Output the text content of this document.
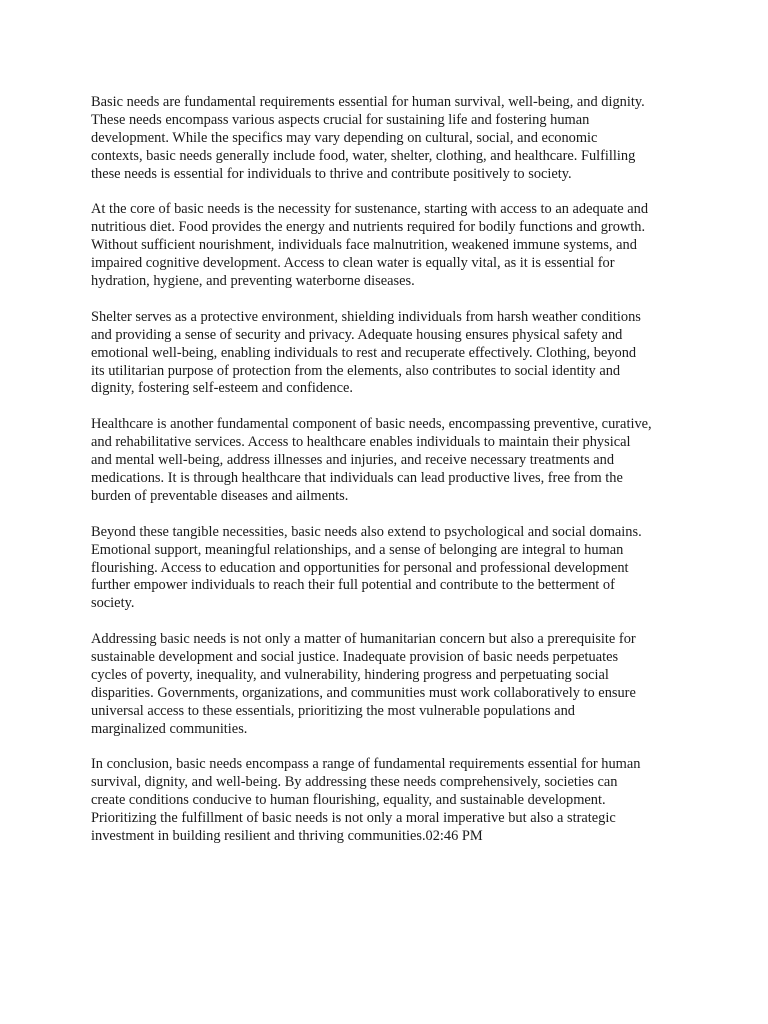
Basic needs are fundamental requirements essential for human survival, well-being, and dignity.
These needs encompass various aspects crucial for sustaining life and fostering human
development. While the specifics may vary depending on cultural, social, and economic
contexts, basic needs generally include food, water, shelter, clothing, and healthcare. Fulfilling
these needs is essential for individuals to thrive and contribute positively to society.

At the core of basic needs is the necessity for sustenance, starting with access to an adequate and
nutritious diet. Food provides the energy and nutrients required for bodily functions and growth.
Without sufficient nourishment, individuals face malnutrition, weakened immune systems, and
impaired cognitive development. Access to clean water is equally vital, as it is essential for
hydration, hygiene, and preventing waterborne diseases.

Shelter serves as a protective environment, shielding individuals from harsh weather conditions
and providing a sense of security and privacy. Adequate housing ensures physical safety and
emotional well-being, enabling individuals to rest and recuperate effectively. Clothing, beyond
its utilitarian purpose of protection from the elements, also contributes to social identity and
dignity, fostering self-esteem and confidence.

Healthcare is another fundamental component of basic needs, encompassing preventive, curative,
and rehabilitative services. Access to healthcare enables individuals to maintain their physical
and mental well-being, address illnesses and injuries, and receive necessary treatments and
medications. It is through healthcare that individuals can lead productive lives, free from the
burden of preventable diseases and ailments.

Beyond these tangible necessities, basic needs also extend to psychological and social domains.
Emotional support, meaningful relationships, and a sense of belonging are integral to human
flourishing. Access to education and opportunities for personal and professional development
further empower individuals to reach their full potential and contribute to the betterment of
society.

Addressing basic needs is not only a matter of humanitarian concern but also a prerequisite for
sustainable development and social justice. Inadequate provision of basic needs perpetuates
cycles of poverty, inequality, and vulnerability, hindering progress and perpetuating social
disparities. Governments, organizations, and communities must work collaboratively to ensure
universal access to these essentials, prioritizing the most vulnerable populations and
marginalized communities.

In conclusion, basic needs encompass a range of fundamental requirements essential for human
survival, dignity, and well-being. By addressing these needs comprehensively, societies can
create conditions conducive to human flourishing, equality, and sustainable development.
Prioritizing the fulfillment of basic needs is not only a moral imperative but also a strategic
investment in building resilient and thriving communities.02:46 PM
